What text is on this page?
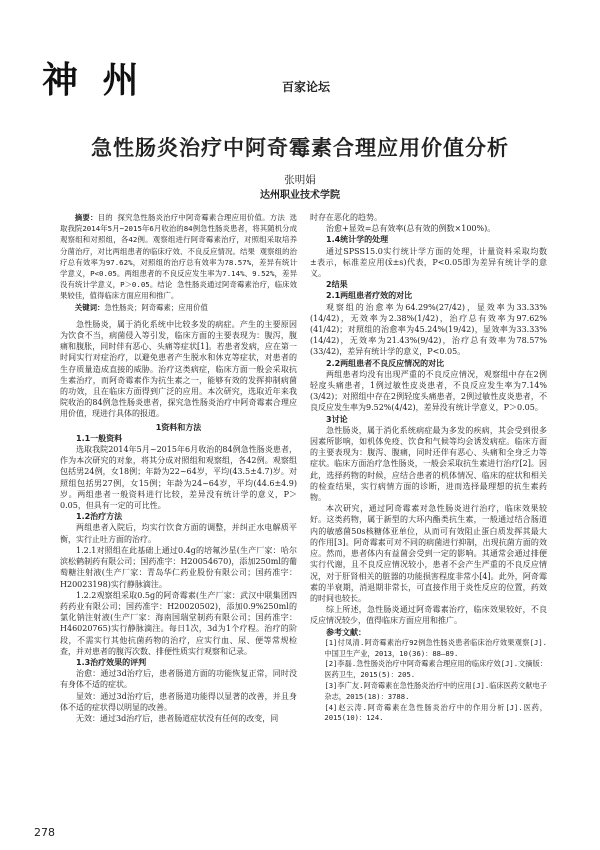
神 州	百家论坛
急性肠炎治疗中阿奇霉素合理应用价值分析
张明娟
达州职业技术学院
摘要：目的 探究急性肠炎治疗中阿奇霉素合理应用价值。方法 选取我院2014年5月~2015年6月收治的84例急性肠炎患者，将其随机分成观察组和对照组，各42例。观察组进行阿奇霉素治疗，对照组采取培养分菌治疗，对比两组患者的临床疗效、不良反应情况。结果 观察组的治疗总有效率为97.62%，对照组的治疗总有效率为78.57%，差异有统计学意义，P<0.05。两组患者的不良反应发生率为7.14%、9.52%，差异没有统计学意义，P＞0.05。结论 急性肠炎通过阿奇霉素治疗，临床效果较佳，值得临床方面应用和推广。
关键词：急性肠炎；阿奇霉素；应用价值
急性肠炎，属于消化系统中比较多发的病症。产生的主要原因为饮食不当，病菌侵入等引发，临床方面的主要表现为：腹泻，腹痛和腹胀，同时伴有恶心、头痛等症状[1]。若患者发病，应在第一时间实行对症治疗，以避免患者产生脱水和休克等症状，对患者的生存质量造成直接的威胁。治疗这类病症，临床方面一般会采取抗生素治疗，而阿奇霉素作为抗生素之一，能够有效的发挥抑制病菌的功效，且在临床方面得到广泛的应用。本次研究，选取近年来我院收治的84例急性肠炎患者，探究急性肠炎治疗中阿奇霉素合理应用价值，现进行具体的报道。
1资料和方法
1.1一般资料
选取我院2014年5月~2015年6月收治的84例急性肠炎患者，作为本次研究的对象，将其分成对照组和观察组，各42例。观察组包括男24例，女18例；年龄为22~64岁，平均(43.5±4.7)岁。对照组包括男27例，女15例；年龄为24~64岁，平均(44.6±4.9)岁。两组患者一般资料进行比较，差异没有统计学的意义，P＞0.05，但具有一定的可比性。
1.2治疗方法
两组患者入院后，均实行饮食方面的调整，并纠正水电解质平衡，实行止吐方面的治疗。
1.2.1对照组在此基础上通过0.4g的培氟沙星(生产厂家：哈尔滨松鹤制药有限公司；国药准字：H20054670)，添加250ml的葡萄糖注射液(生产厂家：青岛华仁药业股份有限公司；国药准字：H20023198)实行静脉滴注。
1.2.2观察组采取0.5g的阿奇霉素(生产厂家：武汉中联集团四药药业有限公司；国药准字：H20020502)，添加0.9%250ml的氯化钠注射液(生产厂家：海南国瑞堂制药有限公司；国药准字：H46020765)实行静脉滴注。每日1次，3d为1个疗程。治疗的阶段，不需实行其他抗菌药物的治疗，应实行血、尿、便等常规检查，并对患者的腹泻次数、排便性质实行观察和记录。
1.3治疗效果的评判
治愈：通过3d治疗后，患者肠道方面的功能恢复正常，同时没有身体不适的症状。
显效：通过3d治疗后，患者肠道功能得以显著的改善，并且身体不适的症状得以明显的改善。
无效：通过3d治疗后，患者肠道症状没有任何的改变，同
时存在恶化的趋势。
治愈+显效=总有效率(总有效的例数×100%)。
1.4统计学的处理
通过SPSS15.0实行统计学方面的处理，计量资料采取均数±表示，标准差应用(x̄±s)代表，P<0.05即为差异有统计学的意义。
2结果
2.1两组患者疗效的对比
观察组的治愈率为64.29%(27/42)，显效率为33.33%(14/42)，无效率为2.38%(1/42)，治疗总有效率为97.62%(41/42)；对照组的治愈率为45.24%(19/42)，显效率为33.33%(14/42)，无效率为21.43%(9/42)，治疗总有效率为78.57%(33/42)，差异有统计学的意义，P<0.05。
2.2两组患者不良反应情况的对比
两组患者均没有出现严重的不良反应情况，观察组中存在2例轻度头痛患者，1例过敏性皮炎患者，不良反应发生率为7.14%(3/42)；对照组中存在2例轻度头痛患者，2例过敏性皮炎患者，不良反应发生率为9.52%(4/42)，差异没有统计学意义，P＞0.05。
3讨论
急性肠炎，属于消化系统病症最为多发的疾病，其会受到很多因素所影响，如机体免疫、饮食和气候等均会诱发病症。临床方面的主要表现为：腹泻、腹痛，同时还伴有恶心、头痛和全身乏力等症状。临床方面治疗急性肠炎，一般会采取抗生素进行治疗[2]。因此，选择药物的时候，应结合患者的机体情况、临床的症状和相关的检查结果，实行病情方面的诊断，进而选择最理想的抗生素药物。
本次研究，通过阿奇霉素对急性肠炎进行治疗，临床效果较好。这类药物，属于新型的大环内酯类抗生素，一般通过结合肠道内的敏感菌50s核糖体亚单位，从而可有效阻止蛋白质发挥其最大的作用[3]。阿奇霉素可对不同的病菌进行抑制，出现抗菌方面的效应。然而，患者体内有益菌会受到一定的影响。其通常会通过排便实行代谢，且不良反应情况较小，患者不会产生严重的不良反应情况，对于肝肾相关的脏器的功能损害程度非常小[4]。此外，阿奇霉素的半衰期，消退期非常长，可直接作用于炎性反应的位置，药效的时间也较长。
综上所述，急性肠炎通过阿奇霉素治疗，临床效果较好，不良反应情况较少，值得临床方面应用和推广。
参考文献：
[1]付凤清.阿奇霉素治疗92例急性肠炎患者临床治疗效果观察[J].中国卫生产业，2013，10(36)：88—89.
[2]李磊.急性肠炎治疗中阿奇霉素合理应用的临床疗效[J].文摘版：医药卫生，2015(5)：205.
[3]李广友.阿奇霉素在急性肠炎治疗中的应用[J].临床医药文献电子杂志，2015(18)：3788.
[4]赵云涛.阿奇霉素在急性肠炎治疗中的作用分析[J].医药，2015(10)：124.
278
